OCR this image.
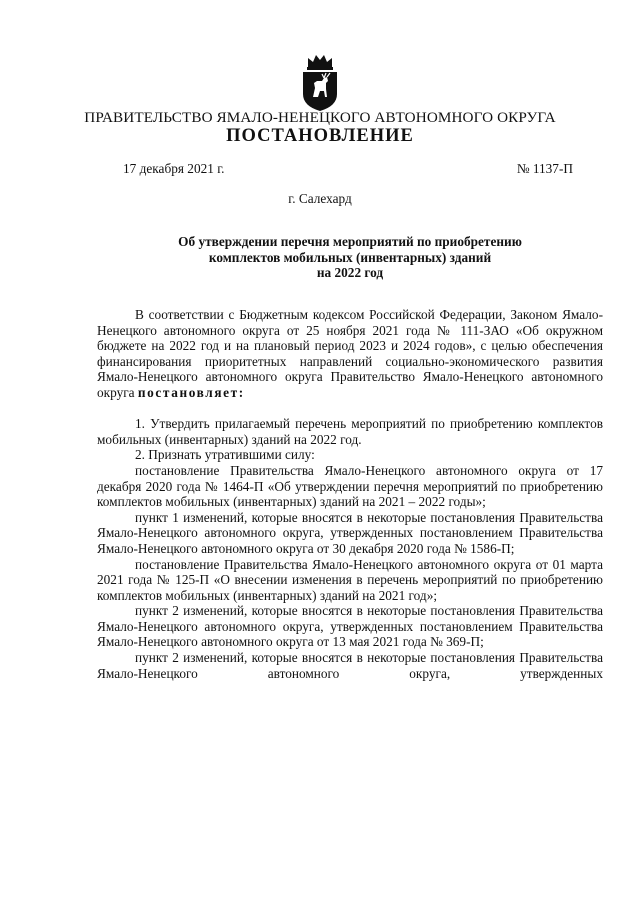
ПРАВИТЕЛЬСТВО ЯМАЛО-НЕНЕЦКОГО АВТОНОМНОГО ОКРУГА
ПОСТАНОВЛЕНИЕ
17 декабря 2021 г.	№ 1137-П
г. Салехард
Об утверждении перечня мероприятий по приобретению
комплектов мобильных (инвентарных) зданий
на 2022 год

В соответствии с Бюджетным кодексом Российской Федерации, Законом Ямало-Ненецкого автономного округа от 25 ноября 2021 года № 111-ЗАО «Об окружном бюджете на 2022 год и на плановый период 2023 и 2024 годов», с целью обеспечения финансирования приоритетных направлений социально-экономического развития Ямало-Ненецкого автономного округа Правительство Ямало-Ненецкого автономного округа постановляет:

1. Утвердить прилагаемый перечень мероприятий по приобретению комплектов мобильных (инвентарных) зданий на 2022 год.

2. Признать утратившими силу:

постановление Правительства Ямало-Ненецкого автономного округа от 17 декабря 2020 года № 1464-П «Об утверждении перечня мероприятий по приобретению комплектов мобильных (инвентарных) зданий на 2021 – 2022 годы»;

пункт 1 изменений, которые вносятся в некоторые постановления Правительства Ямало-Ненецкого автономного округа, утвержденных постановлением Правительства Ямало-Ненецкого автономного округа от 30 декабря 2020 года № 1586-П;

постановление Правительства Ямало-Ненецкого автономного округа от 01 марта 2021 года № 125-П «О внесении изменения в перечень мероприятий по приобретению комплектов мобильных (инвентарных) зданий на 2021 год»;

пункт 2 изменений, которые вносятся в некоторые постановления Правительства Ямало-Ненецкого автономного округа, утвержденных постановлением Правительства Ямало-Ненецкого автономного округа от 13 мая 2021 года № 369-П;

пункт 2 изменений, которые вносятся в некоторые постановления Правительства Ямало-Ненецкого автономного округа, утвержденных
